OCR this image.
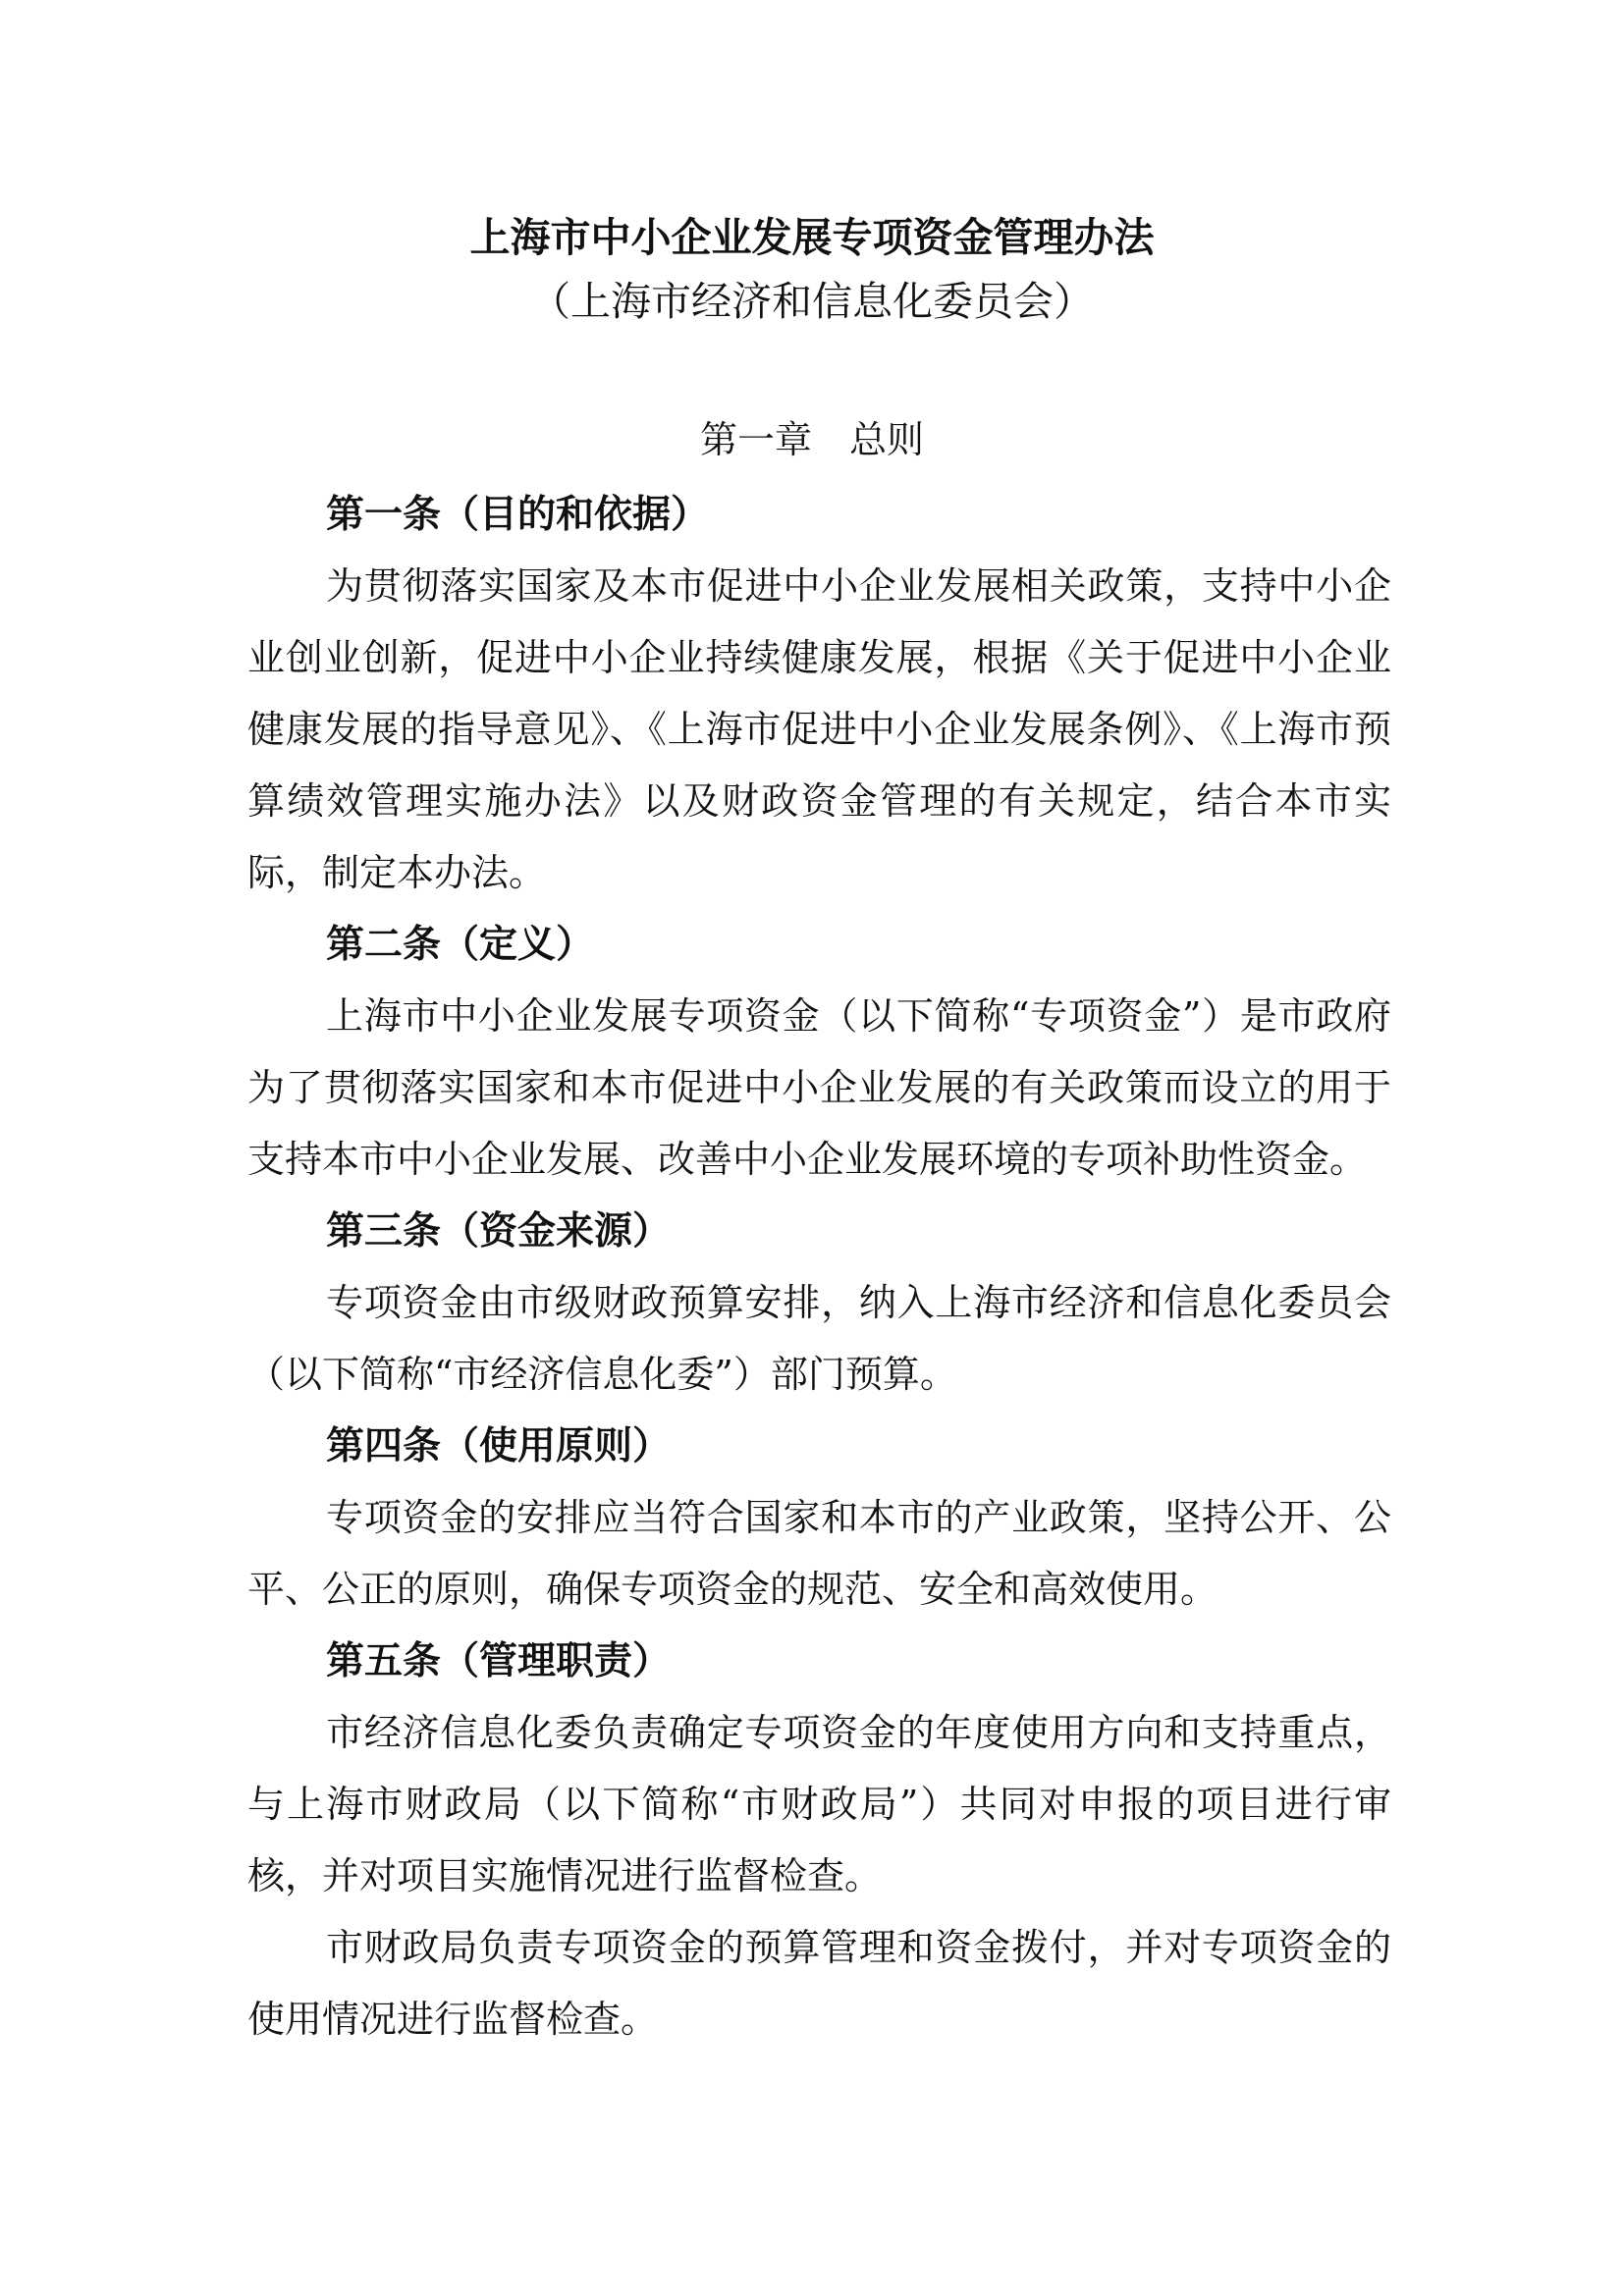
上海市中小企业发展专项资金管理办法
（上海市经济和信息化委员会）
第一章　总则
第一条（目的和依据）

为贯彻落实国家及本市促进中小企业发展相关政策，支持中小企业创业创新，促进中小企业持续健康发展，根据《关于促进中小企业健康发展的指导意见》、《上海市促进中小企业发展条例》、《上海市预算绩效管理实施办法》以及财政资金管理的有关规定，结合本市实际，制定本办法。

第二条（定义）

上海市中小企业发展专项资金（以下简称“专项资金”）是市政府为了贯彻落实国家和本市促进中小企业发展的有关政策而设立的用于支持本市中小企业发展、改善中小企业发展环境的专项补助性资金。

第三条（资金来源）

专项资金由市级财政预算安排，纳入上海市经济和信息化委员会（以下简称“市经济信息化委”）部门预算。

第四条（使用原则）

专项资金的安排应当符合国家和本市的产业政策，坚持公开、公平、公正的原则，确保专项资金的规范、安全和高效使用。

第五条（管理职责）

市经济信息化委负责确定专项资金的年度使用方向和支持重点，与上海市财政局（以下简称“市财政局”）共同对申报的项目进行审核，并对项目实施情况进行监督检查。

市财政局负责专项资金的预算管理和资金拨付，并对专项资金的使用情况进行监督检查。
